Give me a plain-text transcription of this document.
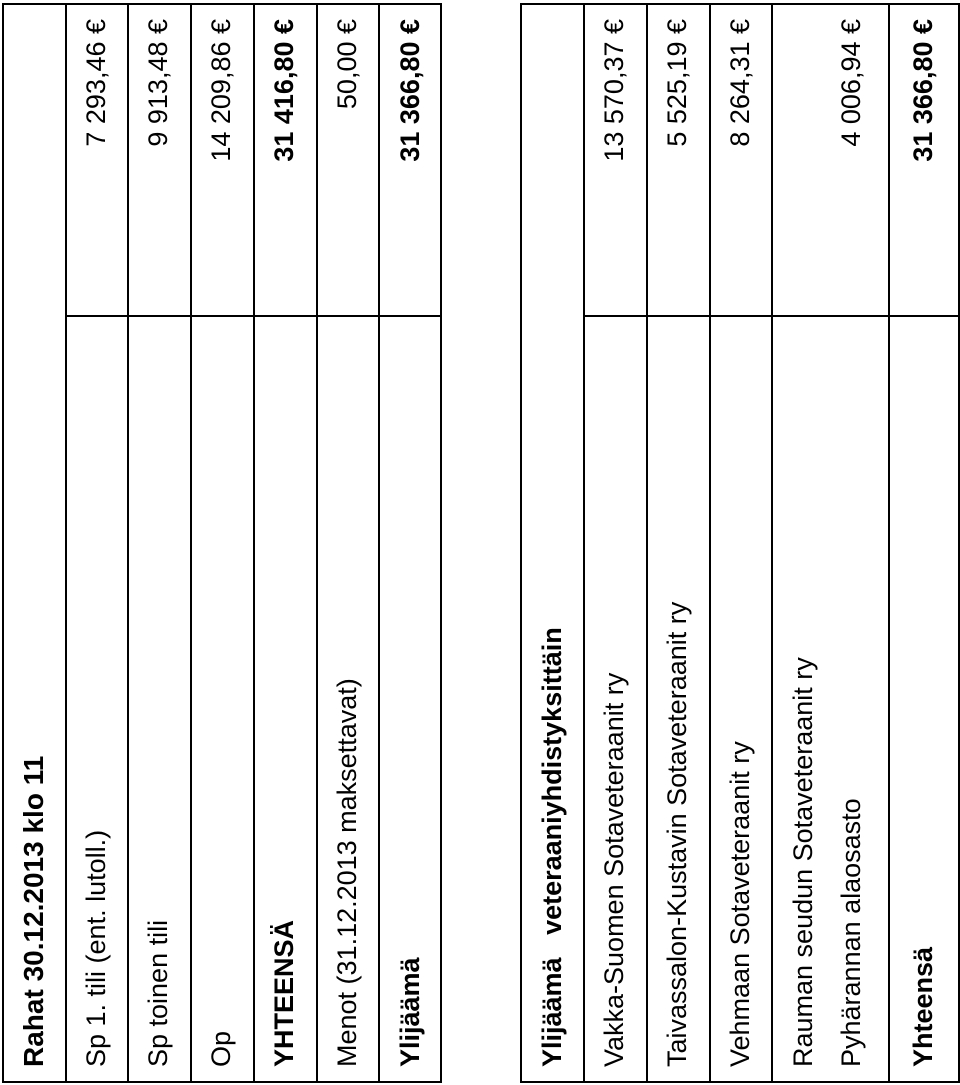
Rahat 30.12.2013 klo 11 Sp 1. tili (ent. lutoll.)
7 293,46 €
Sp toinen tili
9 913,48 €
Op
14 209,86 €
YHTEENSÄ
31 416,80 €
Menot (31.12.2013 maksettavat)
50,00 €
Ylijäämä
31 366,80 €
Ylijäämä   veteraaniyhdistyksittäin Vakka-Suomen Sotaveteraanit ry
13 570,37 €
Taivassalon-Kustavin Sotaveteraanit ry
5 525,19 €
Vehmaan Sotaveteraanit ry
8 264,31 €
Rauman seudun Sotaveteraanit ry Pyhärannan alaosasto
4 006,94 €
Yhteensä
31 366,80 €
